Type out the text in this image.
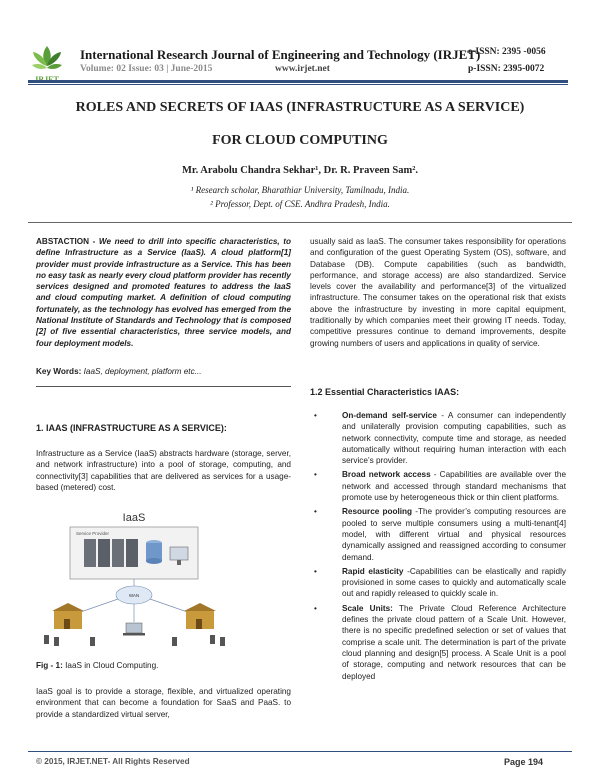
International Research Journal of Engineering and Technology (IRJET)
Volume: 02 Issue: 03 | June-2015	www.irjet.net
e-ISSN: 2395 -0056
p-ISSN: 2395-0072
ROLES AND SECRETS OF IAAS (INFRASTRUCTURE AS A SERVICE)
FOR CLOUD COMPUTING
Mr. Arabolu Chandra Sekhar¹, Dr. R. Praveen Sam².
¹ Research scholar, Bharathiar University, Tamilnadu, India.
² Professor, Dept. of CSE. Andhra Pradesh, India.
ABSTACTION - We need to drill into specific characteristics, to define Infrastructure as a Service (IaaS). A cloud platform[1] provider must provide infrastructure as a Service. This has been no easy task as nearly every cloud platform provider has recently services designed and promoted features to address the IaaS and cloud computing market. A definition of cloud computing fortunately, as the technology has evolved has emerged from the National Institute of Standards and Technology that is composed [2] of five essential characteristics, three service models, and four deployment models.
Key Words: IaaS, deployment, platform etc...
1. IAAS (INFRASTRUCTURE AS A SERVICE):
Infrastructure as a Service (IaaS) abstracts hardware (storage, server, and network infrastructure) into a pool of storage, computing, and connectivity[3] capabilities that are delivered as services for a usage-based (metered) cost.
IaaS
Service Provider
WAN
Fig - 1: IaaS in Cloud Computing.
IaaS goal is to provide a storage, flexible, and virtualized operating environment that can become a foundation for SaaS and PaaS. to provide a standardized virtual server,
usually said as IaaS. The consumer takes responsibility for operations and configuration of the guest Operating System (OS), software, and Database (DB). Compute capabilities (such as bandwidth, performance, and storage access) are also standardized. Service levels cover the availability and performance[3] of the virtualized infrastructure. The consumer takes on the operational risk that exists above the infrastructure by investing in more capital equipment, traditionally by which companies meet their growing IT needs. Today, competitive pressures continue to demand improvements, despite growing numbers of users and applications in quality of service.
1.2 Essential Characteristics IAAS:
•	On-demand self-service - A consumer can independently and unilaterally provision computing capabilities, such as network connectivity, compute time and storage, as needed automatically without requiring human interaction with each service’s provider.
•	Broad network access - Capabilities are available over the network and accessed through standard mechanisms that promote use by heterogeneous thick or thin client platforms.
•	Resource pooling -The provider’s computing resources are pooled to serve multiple consumers using a multi-tenant[4] model, with different virtual and physical resources dynamically assigned and reassigned according to consumer demand.
•	Rapid elasticity -Capabilities can be elastically and rapidly provisioned in some cases to quickly and automatically scale out and rapidly released to quickly scale in.
•	Scale Units: The Private Cloud Reference Architecture defines the private cloud pattern of a Scale Unit. However, there is no specific predefined selection or set of values that comprise a scale unit. The determination is part of the private cloud planning and design[5] process. A Scale Unit is a pool of storage, computing and network resources that can be deployed
© 2015, IRJET.NET- All Rights Reserved	Page 194
